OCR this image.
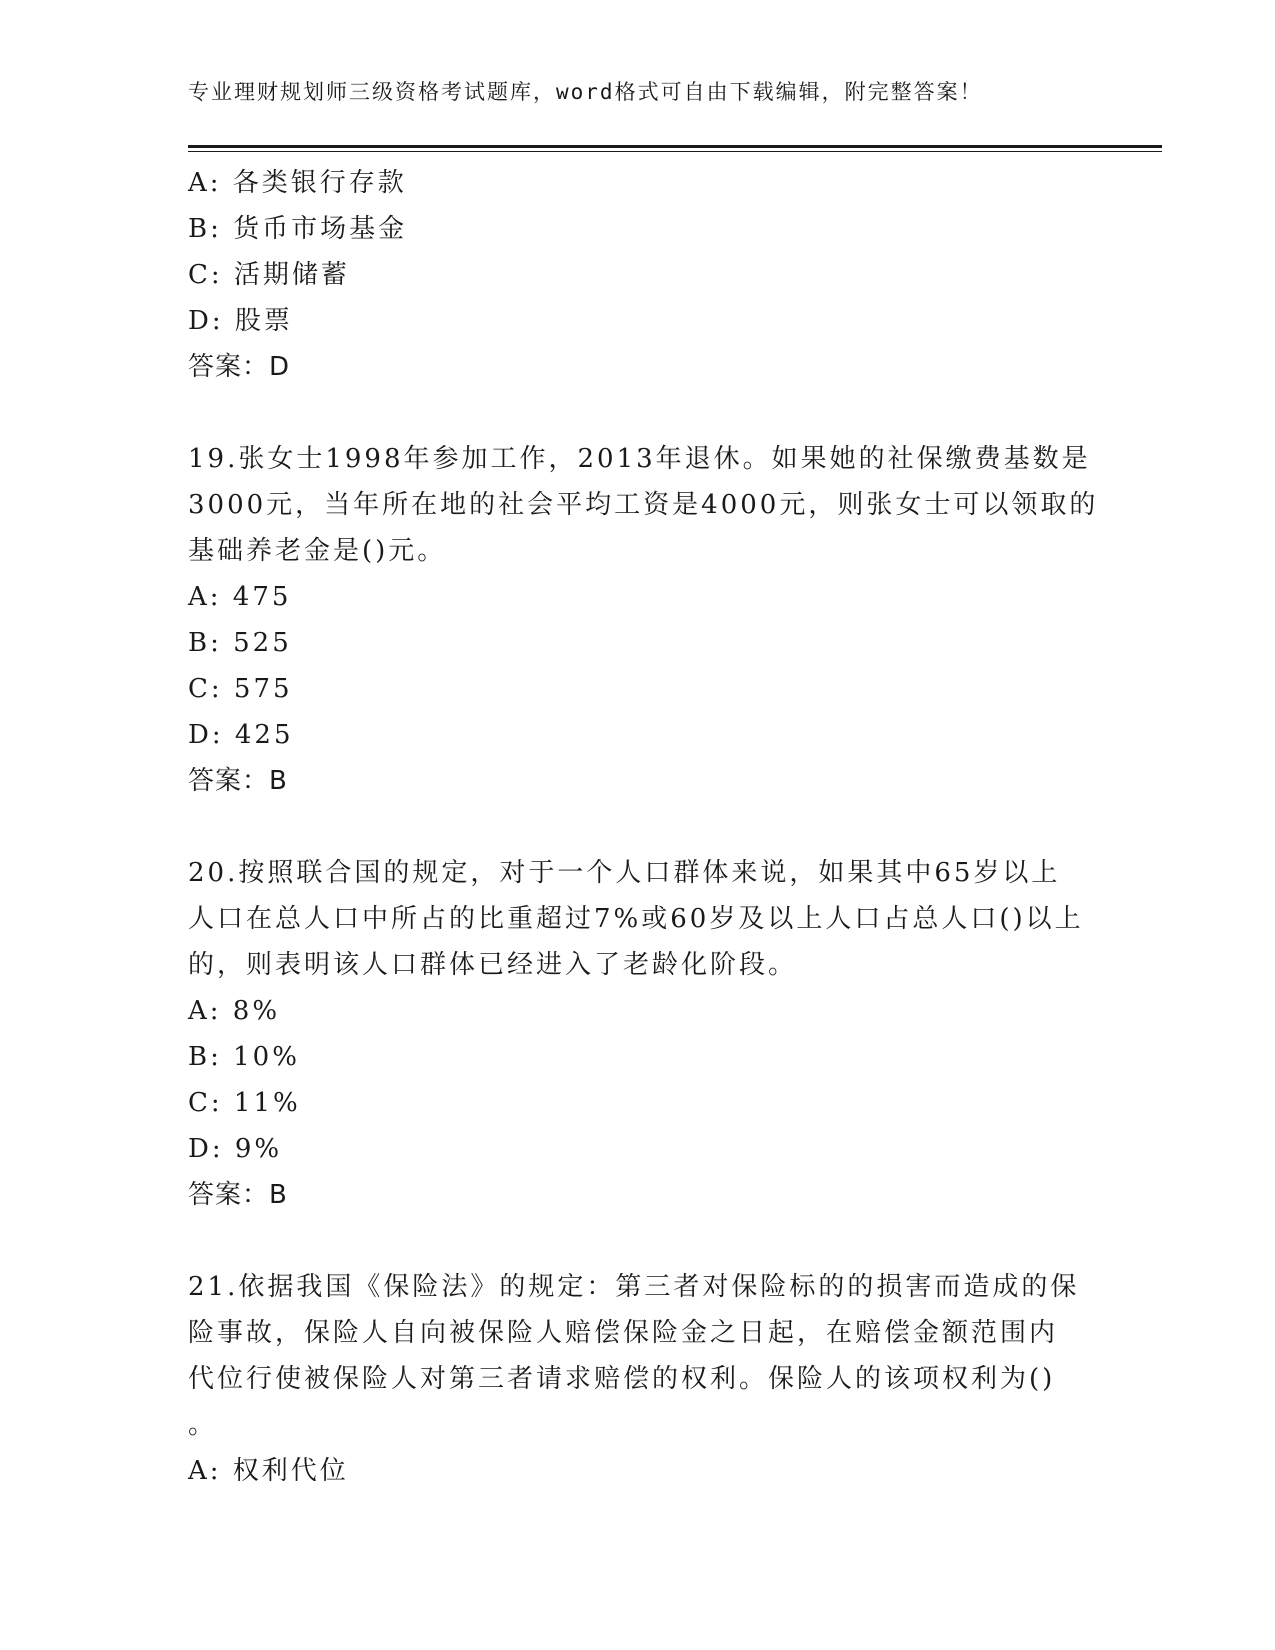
专业理财规划师三级资格考试题库，word格式可自由下载编辑，附完整答案！
A: 各类银行存款
B: 货币市场基金
C: 活期储蓄
D: 股票
答案：D
19.张女士1998年参加工作，2013年退休。如果她的社保缴费基数是
3000元，当年所在地的社会平均工资是4000元，则张女士可以领取的
基础养老金是()元。
A: 475
B: 525
C: 575
D: 425
答案：B
20.按照联合国的规定，对于一个人口群体来说，如果其中65岁以上
人口在总人口中所占的比重超过7%或60岁及以上人口占总人口()以上
的，则表明该人口群体已经进入了老龄化阶段。
A: 8%
B: 10%
C: 11%
D: 9%
答案：B
21.依据我国《保险法》的规定：第三者对保险标的的损害而造成的保
险事故，保险人自向被保险人赔偿保险金之日起，在赔偿金额范围内
代位行使被保险人对第三者请求赔偿的权利。保险人的该项权利为()
。
A: 权利代位
